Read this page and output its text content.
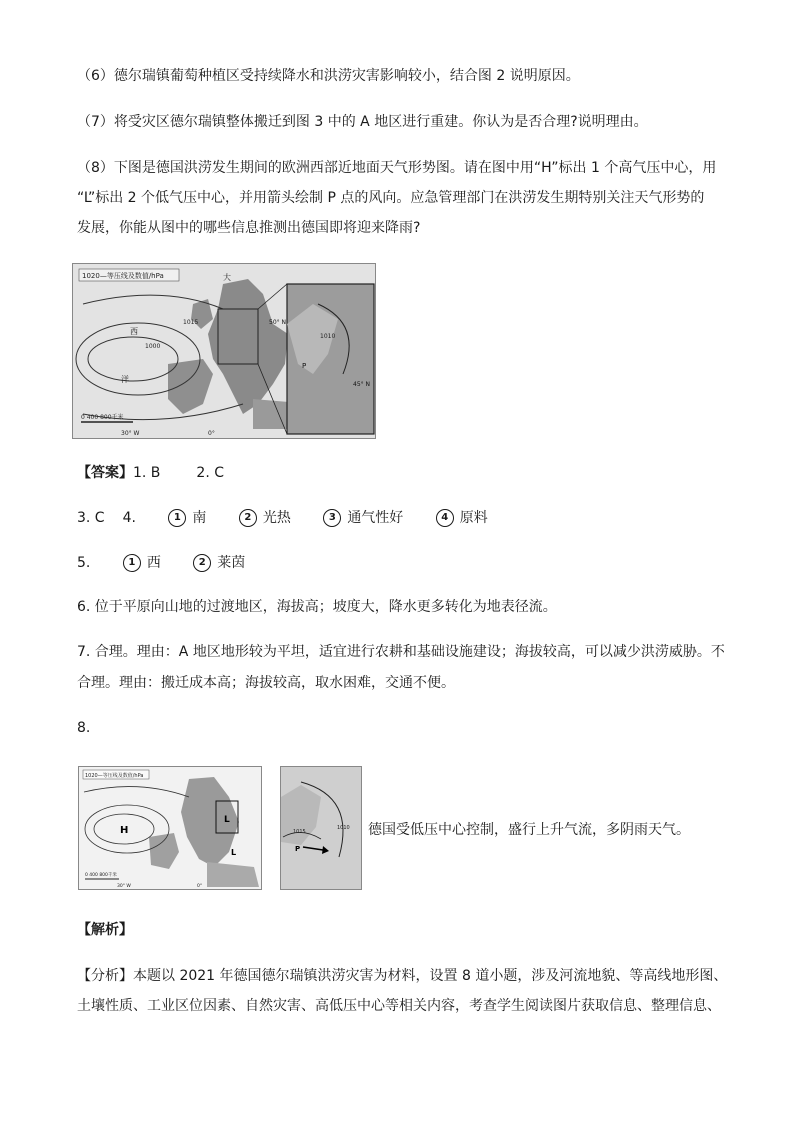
（6）德尔瑞镇葡萄种植区受持续降水和洪涝灾害影响较小，结合图 2 说明原因。
（7）将受灾区德尔瑞镇整体搬迁到图 3 中的 A 地区进行重建。你认为是否合理?说明理由。
（8）下图是德国洪涝发生期间的欧洲西部近地面天气形势图。请在图中用“H”标出 1 个高气压中心，用
“L”标出 2 个低气压中心，并用箭头绘制 P 点的风向。应急管理部门在洪涝发生期特别关注天气形势的
发展，你能从图中的哪些信息推测出德国即将迎来降雨?
1020—等压线及数值/hPa
西
洋
大
1000
1010
1015
P
50° N
45° N
0 400 800千米
30° W	0°
【答案】1. B	2. C
3. C 4.	1 南	2 光热	3 通气性好	4 原料
5.	1 西	2 莱茵
6. 位于平原向山地的过渡地区，海拔高；坡度大，降水更多转化为地表径流。
7. 合理。理由：A 地区地形较为平坦，适宜进行农耕和基础设施建设；海拔较高，可以减少洪涝威胁。不
合理。理由：搬迁成本高；海拔较高，取水困难，交通不便。
8.
1020—等压线及数值/hPa
H
L
L
0 400 800千米
30° W	0°
1010
1015
P
德国受低压中心控制，盛行上升气流，多阴雨天气。
【解析】
【分析】本题以 2021 年德国德尔瑞镇洪涝灾害为材料，设置 8 道小题，涉及河流地貌、等高线地形图、
土壤性质、工业区位因素、自然灾害、高低压中心等相关内容，考查学生阅读图片获取信息、整理信息、
